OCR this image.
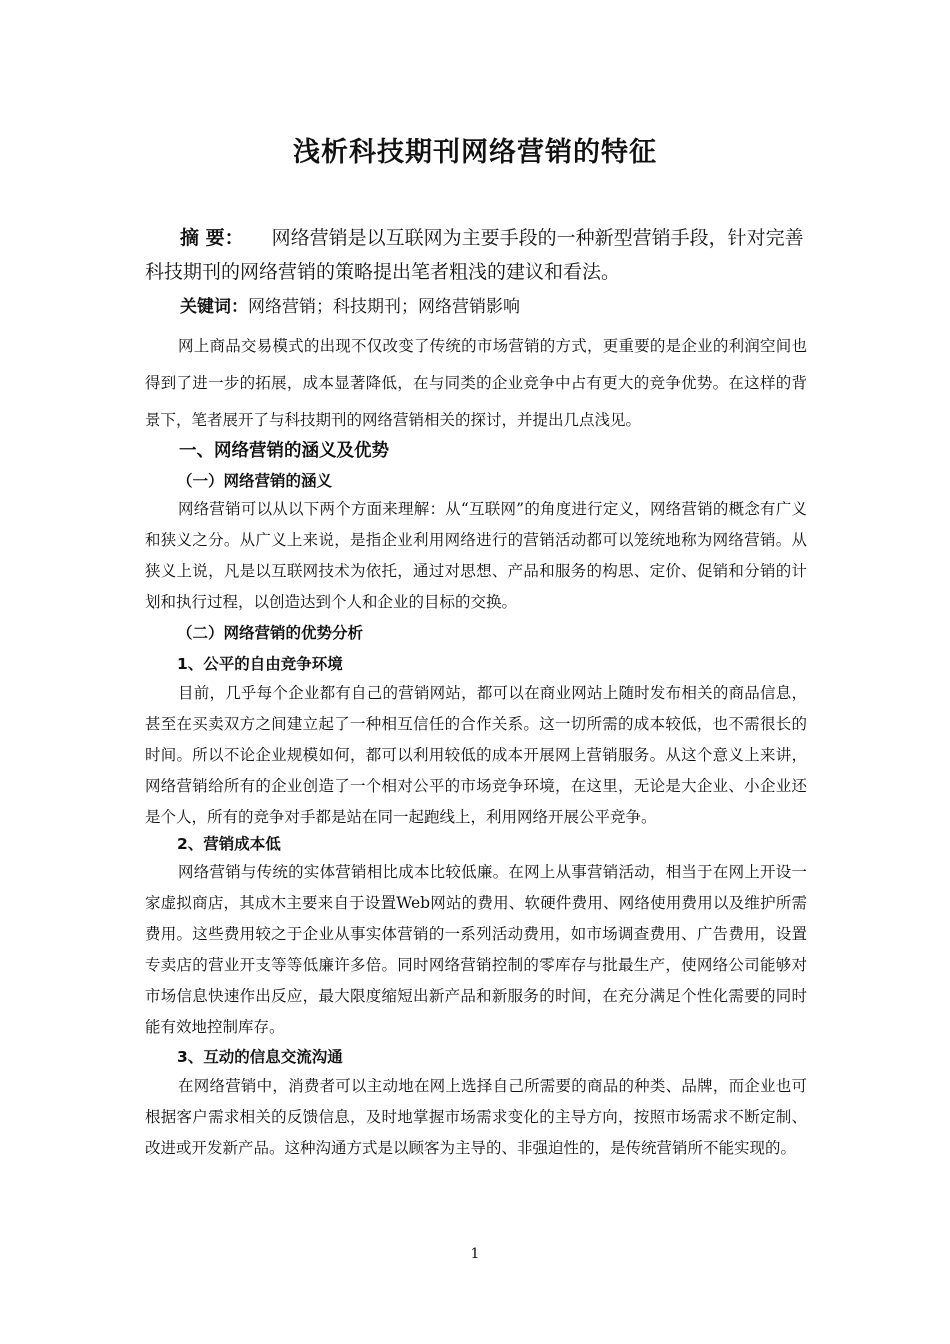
浅析科技期刊网络营销的特征

摘 要： 网络营销是以互联网为主要手段的一种新型营销手段，针对完善科技期刊的网络营销的策略提出笔者粗浅的建议和看法。

关键词：网络营销；科技期刊；网络营销影响

网上商品交易模式的出现不仅改变了传统的市场营销的方式，更重要的是企业的利润空间也得到了进一步的拓展，成本显著降低，在与同类的企业竞争中占有更大的竞争优势。在这样的背景下，笔者展开了与科技期刊的网络营销相关的探讨，并提出几点浅见。

一、网络营销的涵义及优势

（一）网络营销的涵义

网络营销可以从以下两个方面来理解：从“互联网”的角度进行定义，网络营销的概念有广义和狭义之分。从广义上来说，是指企业利用网络进行的营销活动都可以笼统地称为网络营销。从狭义上说，凡是以互联网技术为依托，通过对思想、产品和服务的构思、定价、促销和分销的计划和执行过程，以创造达到个人和企业的目标的交换。

（二）网络营销的优势分析

1、公平的自由竞争环境

目前，几乎每个企业都有自己的营销网站，都可以在商业网站上随时发布相关的商品信息，甚至在买卖双方之间建立起了一种相互信任的合作关系。这一切所需的成本较低，也不需很长的时间。所以不论企业规模如何，都可以利用较低的成本开展网上营销服务。从这个意义上来讲，网络营销给所有的企业创造了一个相对公平的市场竞争环境，在这里，无论是大企业、小企业还是个人，所有的竞争对手都是站在同一起跑线上，利用网络开展公平竞争。

2、营销成本低

网络营销与传统的实体营销相比成本比较低廉。在网上从事营销活动，相当于在网上开设一家虚拟商店，其成木主要来自于设置Web网站的费用、软硬件费用、网络使用费用以及维护所需费用。这些费用较之于企业从事实体营销的一系列活动费用，如市场调查费用、广告费用，设置专卖店的营业开支等等低廉许多倍。同时网络营销控制的零库存与批最生产，使网络公司能够对市场信息快速作出反应，最大限度缩短出新产品和新服务的时间，在充分满足个性化需要的同时能有效地控制库存。

3、互动的信息交流沟通

在网络营销中，消费者可以主动地在网上选择自己所需要的商品的种类、品牌，而企业也可根据客户需求相关的反馈信息，及时地掌握市场需求变化的主导方向，按照市场需求不断定制、改进或开发新产品。这种沟通方式是以顾客为主导的、非强迫性的，是传统营销所不能实现的。

1
